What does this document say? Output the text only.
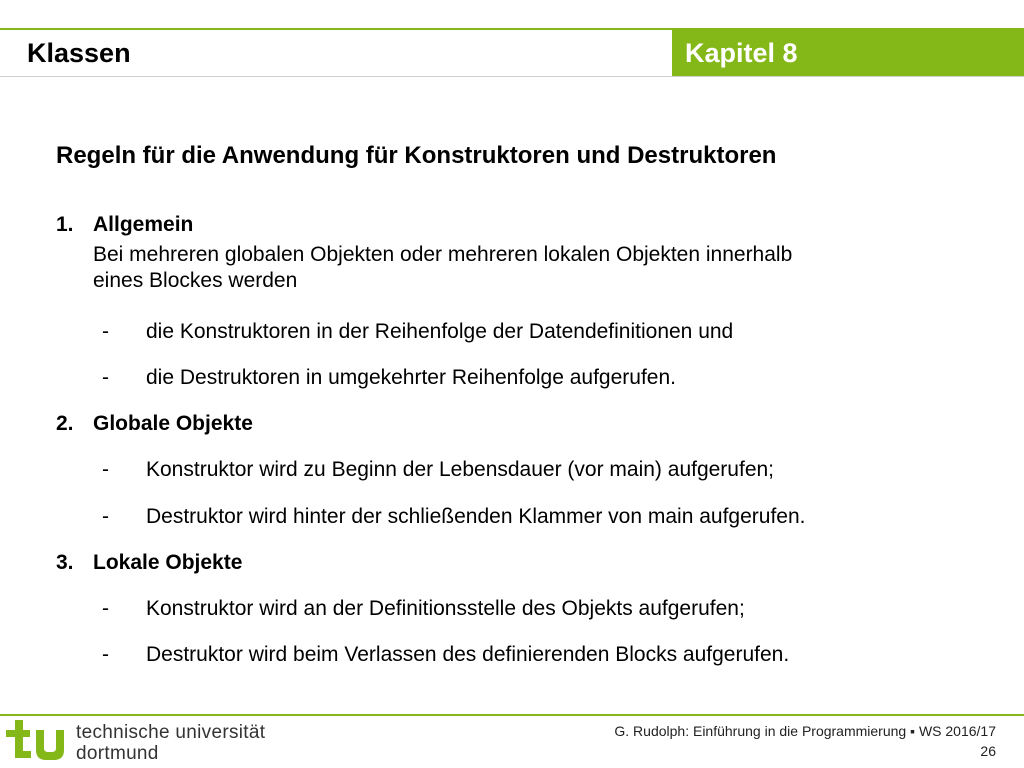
Klassen	Kapitel 8
Regeln für die Anwendung für Konstruktoren und Destruktoren
1. Allgemein
Bei mehreren globalen Objekten oder mehreren lokalen Objekten innerhalb
eines Blockes werden
- die Konstruktoren in der Reihenfolge der Datendefinitionen und
- die Destruktoren in umgekehrter Reihenfolge aufgerufen.
2. Globale Objekte
- Konstruktor wird zu Beginn der Lebensdauer (vor main) aufgerufen;
- Destruktor wird hinter der schließenden Klammer von main aufgerufen.
3. Lokale Objekte
- Konstruktor wird an der Definitionsstelle des Objekts aufgerufen;
- Destruktor wird beim Verlassen des definierenden Blocks aufgerufen.
technische universität
dortmund
G. Rudolph: Einführung in die Programmierung ▪ WS 2016/17
26
